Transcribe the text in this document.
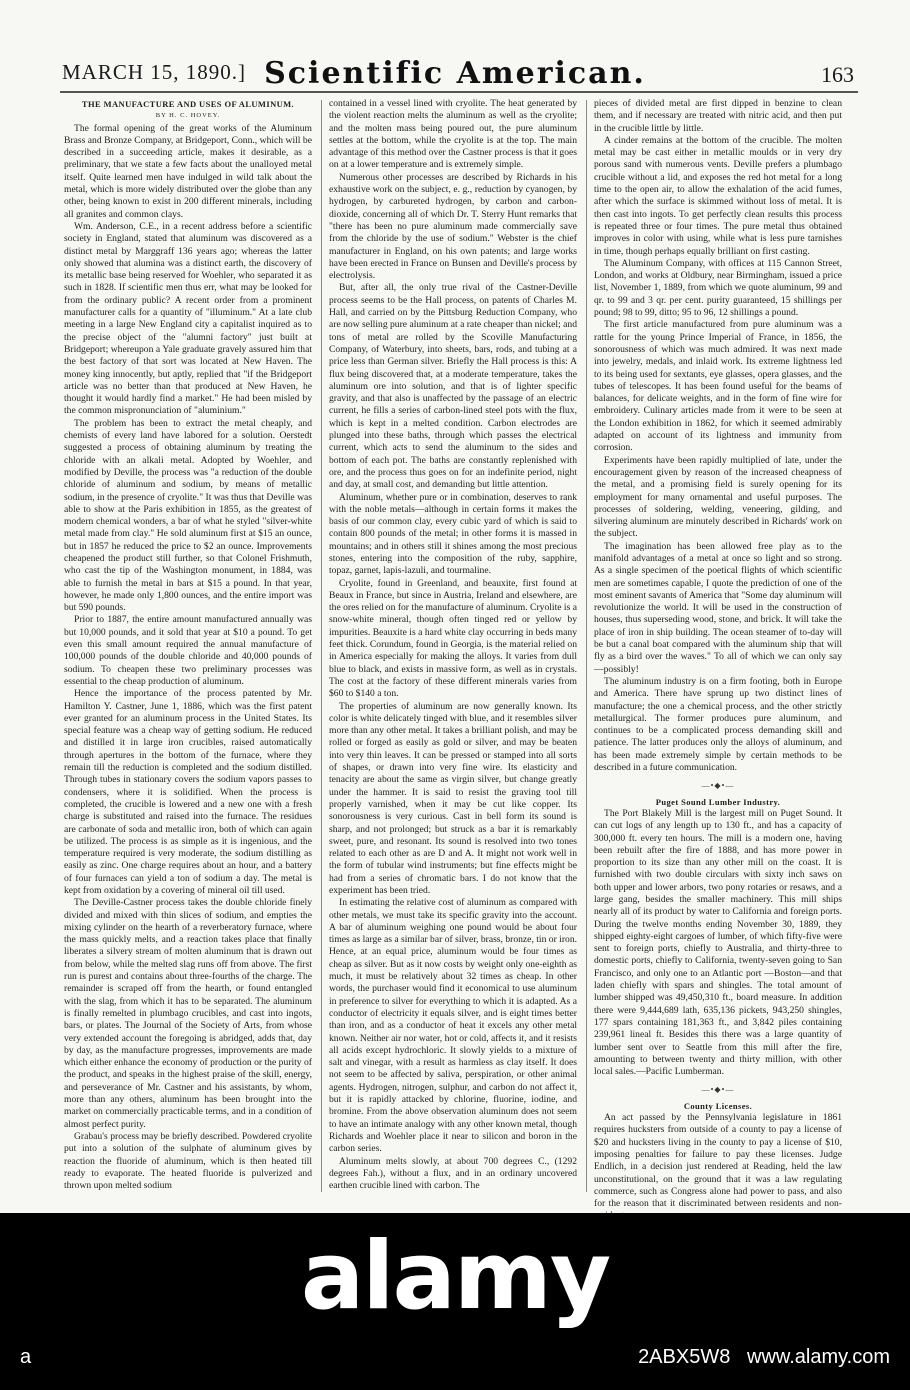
MARCH 15, 1890.] Scientific American.	163

THE MANUFACTURE AND USES OF ALUMINUM.

BY H. C. HOVEY.

The formal opening of the great works of the Aluminum Brass and Bronze Company, at Bridgeport, Conn., which will be described in a succeeding article, makes it desirable, as a preliminary, that we state a few facts about the unalloyed metal itself. Quite learned men have indulged in wild talk about the metal, which is more widely distributed over the globe than any other, being known to exist in 200 different minerals, including all granites and common clays.

Wm. Anderson, C.E., in a recent address before a scientific society in England, stated that aluminum was discovered as a distinct metal by Marggraff 136 years ago; whereas the latter only showed that alumina was a distinct earth, the discovery of its metallic base being reserved for Woehler, who separated it as such in 1828. If scientific men thus err, what may be looked for from the ordinary public? A recent order from a prominent manufacturer calls for a quantity of "illuminum." At a late club meeting in a large New England city a capitalist inquired as to the precise object of the "alumni factory" just built at Bridgeport; whereupon a Yale graduate gravely assured him that the best factory of that sort was located at New Haven. The money king innocently, but aptly, replied that "if the Bridgeport article was no better than that produced at New Haven, he thought it would hardly find a market." He had been misled by the common mispronunciation of "aluminium."

The problem has been to extract the metal cheaply, and chemists of every land have labored for a solution. Oerstedt suggested a process of obtaining aluminum by treating the chloride with an alkali metal. Adopted by Woehler, and modified by Deville, the process was "a reduction of the double chloride of aluminum and sodium, by means of metallic sodium, in the presence of cryolite." It was thus that Deville was able to show at the Paris exhibition in 1855, as the greatest of modern chemical wonders, a bar of what he styled "silver-white metal made from clay." He sold aluminum first at $15 an ounce, but in 1857 he reduced the price to $2 an ounce. Improvements cheapened the product still further, so that Colonel Frishmuth, who cast the tip of the Washington monument, in 1884, was able to furnish the metal in bars at $15 a pound. In that year, however, he made only 1,800 ounces, and the entire import was but 590 pounds.

Prior to 1887, the entire amount manufactured annually was but 10,000 pounds, and it sold that year at $10 a pound. To get even this small amount required the annual manufacture of 100,000 pounds of the double chloride and 40,000 pounds of sodium. To cheapen these two preliminary processes was essential to the cheap production of aluminum.

Hence the importance of the process patented by Mr. Hamilton Y. Castner, June 1, 1886, which was the first patent ever granted for an aluminum process in the United States. Its special feature was a cheap way of getting sodium. He reduced and distilled it in large iron crucibles, raised automatically through apertures in the bottom of the furnace, where they remain till the reduction is completed and the sodium distilled. Through tubes in stationary covers the sodium vapors passes to condensers, where it is solidified. When the process is completed, the crucible is lowered and a new one with a fresh charge is substituted and raised into the furnace. The residues are carbonate of soda and metallic iron, both of which can again be utilized. The process is as simple as it is ingenious, and the temperature required is very moderate, the sodium distilling as easily as zinc. One charge requires about an hour, and a battery of four furnaces can yield a ton of sodium a day. The metal is kept from oxidation by a covering of mineral oil till used.

The Deville-Castner process takes the double chloride finely divided and mixed with thin slices of sodium, and empties the mixing cylinder on the hearth of a reverberatory furnace, where the mass quickly melts, and a reaction takes place that finally liberates a silvery stream of molten aluminum that is drawn out from below, while the melted slag runs off from above. The first run is purest and contains about three-fourths of the charge. The remainder is scraped off from the hearth, or found entangled with the slag, from which it has to be separated. The aluminum is finally remelted in plumbago crucibles, and cast into ingots, bars, or plates. The Journal of the Society of Arts, from whose very extended account the foregoing is abridged, adds that, day by day, as the manufacture progresses, improvements are made which either enhance the economy of production or the purity of the product, and speaks in the highest praise of the skill, energy, and perseverance of Mr. Castner and his assistants, by whom, more than any others, aluminum has been brought into the market on commercially practicable terms, and in a condition of almost perfect purity.

Grabau's process may be briefly described. Powdered cryolite put into a solution of the sulphate of aluminum gives by reaction the fluoride of aluminum, which is then heated till ready to evaporate. The heated fluoride is pulverized and thrown upon melted sodium

contained in a vessel lined with cryolite. The heat generated by the violent reaction melts the aluminum as well as the cryolite; and the molten mass being poured out, the pure aluminum settles at the bottom, while the cryolite is at the top. The main advantage of this method over the Castner process is that it goes on at a lower temperature and is extremely simple.

Numerous other processes are described by Richards in his exhaustive work on the subject, e. g., reduction by cyanogen, by hydrogen, by carbureted hydrogen, by carbon and carbon-dioxide, concerning all of which Dr. T. Sterry Hunt remarks that "there has been no pure aluminum made commercially save from the chloride by the use of sodium." Webster is the chief manufacturer in England, on his own patents; and large works have been erected in France on Bunsen and Deville's process by electrolysis.

But, after all, the only true rival of the Castner-Deville process seems to be the Hall process, on patents of Charles M. Hall, and carried on by the Pittsburg Reduction Company, who are now selling pure aluminum at a rate cheaper than nickel; and tons of metal are rolled by the Scoville Manufacturing Company, of Waterbury, into sheets, bars, rods, and tubing at a price less than German silver. Briefly the Hall process is this: A flux being discovered that, at a moderate temperature, takes the aluminum ore into solution, and that is of lighter specific gravity, and that also is unaffected by the passage of an electric current, he fills a series of carbon-lined steel pots with the flux, which is kept in a melted condition. Carbon electrodes are plunged into these baths, through which passes the electrical current, which acts to send the aluminum to the sides and bottom of each pot. The baths are constantly replenished with ore, and the process thus goes on for an indefinite period, night and day, at small cost, and demanding but little attention.

Aluminum, whether pure or in combination, deserves to rank with the noble metals—although in certain forms it makes the basis of our common clay, every cubic yard of which is said to contain 800 pounds of the metal; in other forms it is massed in mountains; and in others still it shines among the most precious stones, entering into the composition of the ruby, sapphire, topaz, garnet, lapis-lazuli, and tourmaline.

Cryolite, found in Greenland, and beauxite, first found at Beaux in France, but since in Austria, Ireland and elsewhere, are the ores relied on for the manufacture of aluminum. Cryolite is a snow-white mineral, though often tinged red or yellow by impurities. Beauxite is a hard white clay occurring in beds many feet thick. Corundum, found in Georgia, is the material relied on in America especially for making the alloys. It varies from dull blue to black, and exists in massive form, as well as in crystals. The cost at the factory of these different minerals varies from $60 to $140 a ton.

The properties of aluminum are now generally known. Its color is white delicately tinged with blue, and it resembles silver more than any other metal. It takes a brilliant polish, and may be rolled or forged as easily as gold or silver, and may be beaten into very thin leaves. It can be pressed or stamped into all sorts of shapes, or drawn into very fine wire. Its elasticity and tenacity are about the same as virgin silver, but change greatly under the hammer. It is said to resist the graving tool till properly varnished, when it may be cut like copper. Its sonorousness is very curious. Cast in bell form its sound is sharp, and not prolonged; but struck as a bar it is remarkably sweet, pure, and resonant. Its sound is resolved into two tones related to each other as are D and A. It might not work well in the form of tubular wind instruments; but fine effects might be had from a series of chromatic bars. I do not know that the experiment has been tried.

In estimating the relative cost of aluminum as compared with other metals, we must take its specific gravity into the account. A bar of aluminum weighing one pound would be about four times as large as a similar bar of silver, brass, bronze, tin or iron. Hence, at an equal price, aluminum would be four times as cheap as silver. But as it now costs by weight only one-eighth as much, it must be relatively about 32 times as cheap. In other words, the purchaser would find it economical to use aluminum in preference to silver for everything to which it is adapted. As a conductor of electricity it equals silver, and is eight times better than iron, and as a conductor of heat it excels any other metal known. Neither air nor water, hot or cold, affects it, and it resists all acids except hydrochloric. It slowly yields to a mixture of salt and vinegar, with a result as harmless as clay itself. It does not seem to be affected by saliva, perspiration, or other animal agents. Hydrogen, nitrogen, sulphur, and carbon do not affect it, but it is rapidly attacked by chlorine, fluorine, iodine, and bromine. From the above observation aluminum does not seem to have an intimate analogy with any other known metal, though Richards and Woehler place it near to silicon and boron in the carbon series.

Aluminum melts slowly, at about 700 degrees C., (1292 degrees Fah.), without a flux, and in an ordinary uncovered earthen crucible lined with carbon. The

pieces of divided metal are first dipped in benzine to clean them, and if necessary are treated with nitric acid, and then put in the crucible little by little.

A cinder remains at the bottom of the crucible. The molten metal may be cast either in metallic moulds or in very dry porous sand with numerous vents. Deville prefers a plumbago crucible without a lid, and exposes the red hot metal for a long time to the open air, to allow the exhalation of the acid fumes, after which the surface is skimmed without loss of metal. It is then cast into ingots. To get perfectly clean results this process is repeated three or four times. The pure metal thus obtained improves in color with using, while what is less pure tarnishes in time, though perhaps equally brilliant on first casting.

The Aluminum Company, with offices at 115 Cannon Street, London, and works at Oldbury, near Birmingham, issued a price list, November 1, 1889, from which we quote aluminum, 99 and qr. to 99 and 3 qr. per cent. purity guaranteed, 15 shillings per pound; 98 to 99, ditto; 95 to 96, 12 shillings a pound.

The first article manufactured from pure aluminum was a rattle for the young Prince Imperial of France, in 1856, the sonorousness of which was much admired. It was next made into jewelry, medals, and inlaid work. Its extreme lightness led to its being used for sextants, eye glasses, opera glasses, and the tubes of telescopes. It has been found useful for the beams of balances, for delicate weights, and in the form of fine wire for embroidery. Culinary articles made from it were to be seen at the London exhibition in 1862, for which it seemed admirably adapted on account of its lightness and immunity from corrosion.

Experiments have been rapidly multiplied of late, under the encouragement given by reason of the increased cheapness of the metal, and a promising field is surely opening for its employment for many ornamental and useful purposes. The processes of soldering, welding, veneering, gilding, and silvering aluminum are minutely described in Richards' work on the subject.

The imagination has been allowed free play as to the manifold advantages of a metal at once so light and so strong. As a single specimen of the poetical flights of which scientific men are sometimes capable, I quote the prediction of one of the most eminent savants of America that "Some day aluminum will revolutionize the world. It will be used in the construction of houses, thus superseding wood, stone, and brick. It will take the place of iron in ship building. The ocean steamer of to-day will be but a canal boat compared with the aluminum ship that will fly as a bird over the waves." To all of which we can only say —possibly!

The aluminum industry is on a firm footing, both in Europe and America. There have sprung up two distinct lines of manufacture; the one a chemical process, and the other strictly metallurgical. The former produces pure aluminum, and continues to be a complicated process demanding skill and patience. The latter produces only the alloys of aluminum, and has been made extremely simple by certain methods to be described in a future communication.

—•◆•—

Puget Sound Lumber Industry.

The Port Blakely Mill is the largest mill on Puget Sound. It can cut logs of any length up to 130 ft., and has a capacity of 300,000 ft. every ten hours. The mill is a modern one, having been rebuilt after the fire of 1888, and has more power in proportion to its size than any other mill on the coast. It is furnished with two double circulars with sixty inch saws on both upper and lower arbors, two pony rotaries or resaws, and a large gang, besides the smaller machinery. This mill ships nearly all of its product by water to California and foreign ports. During the twelve months ending November 30, 1889, they shipped eighty-eight cargoes of lumber, of which fifty-five were sent to foreign ports, chiefly to Australia, and thirty-three to domestic ports, chiefly to California, twenty-seven going to San Francisco, and only one to an Atlantic port —Boston—and that laden chiefly with spars and shingles. The total amount of lumber shipped was 49,450,310 ft., board measure. In addition there were 9,444,689 lath, 635,136 pickets, 943,250 shingles, 177 spars containing 181,363 ft., and 3,842 piles containing 239,961 lineal ft. Besides this there was a large quantity of lumber sent over to Seattle from this mill after the fire, amounting to between twenty and thirty million, with other local sales.—Pacific Lumberman.

—•◆•—

County Licenses.

An act passed by the Pennsylvania legislature in 1861 requires hucksters from outside of a county to pay a license of $20 and hucksters living in the county to pay a license of $10, imposing penalties for failure to pay these licenses. Judge Endlich, in a decision just rendered at Reading, held the law unconstitutional, on the ground that it was a law regulating commerce, such as Congress alone had power to pass, and also for the reason that it discriminated between residents and non-

alamy
a	2ABX5W8 www.alamy.com
